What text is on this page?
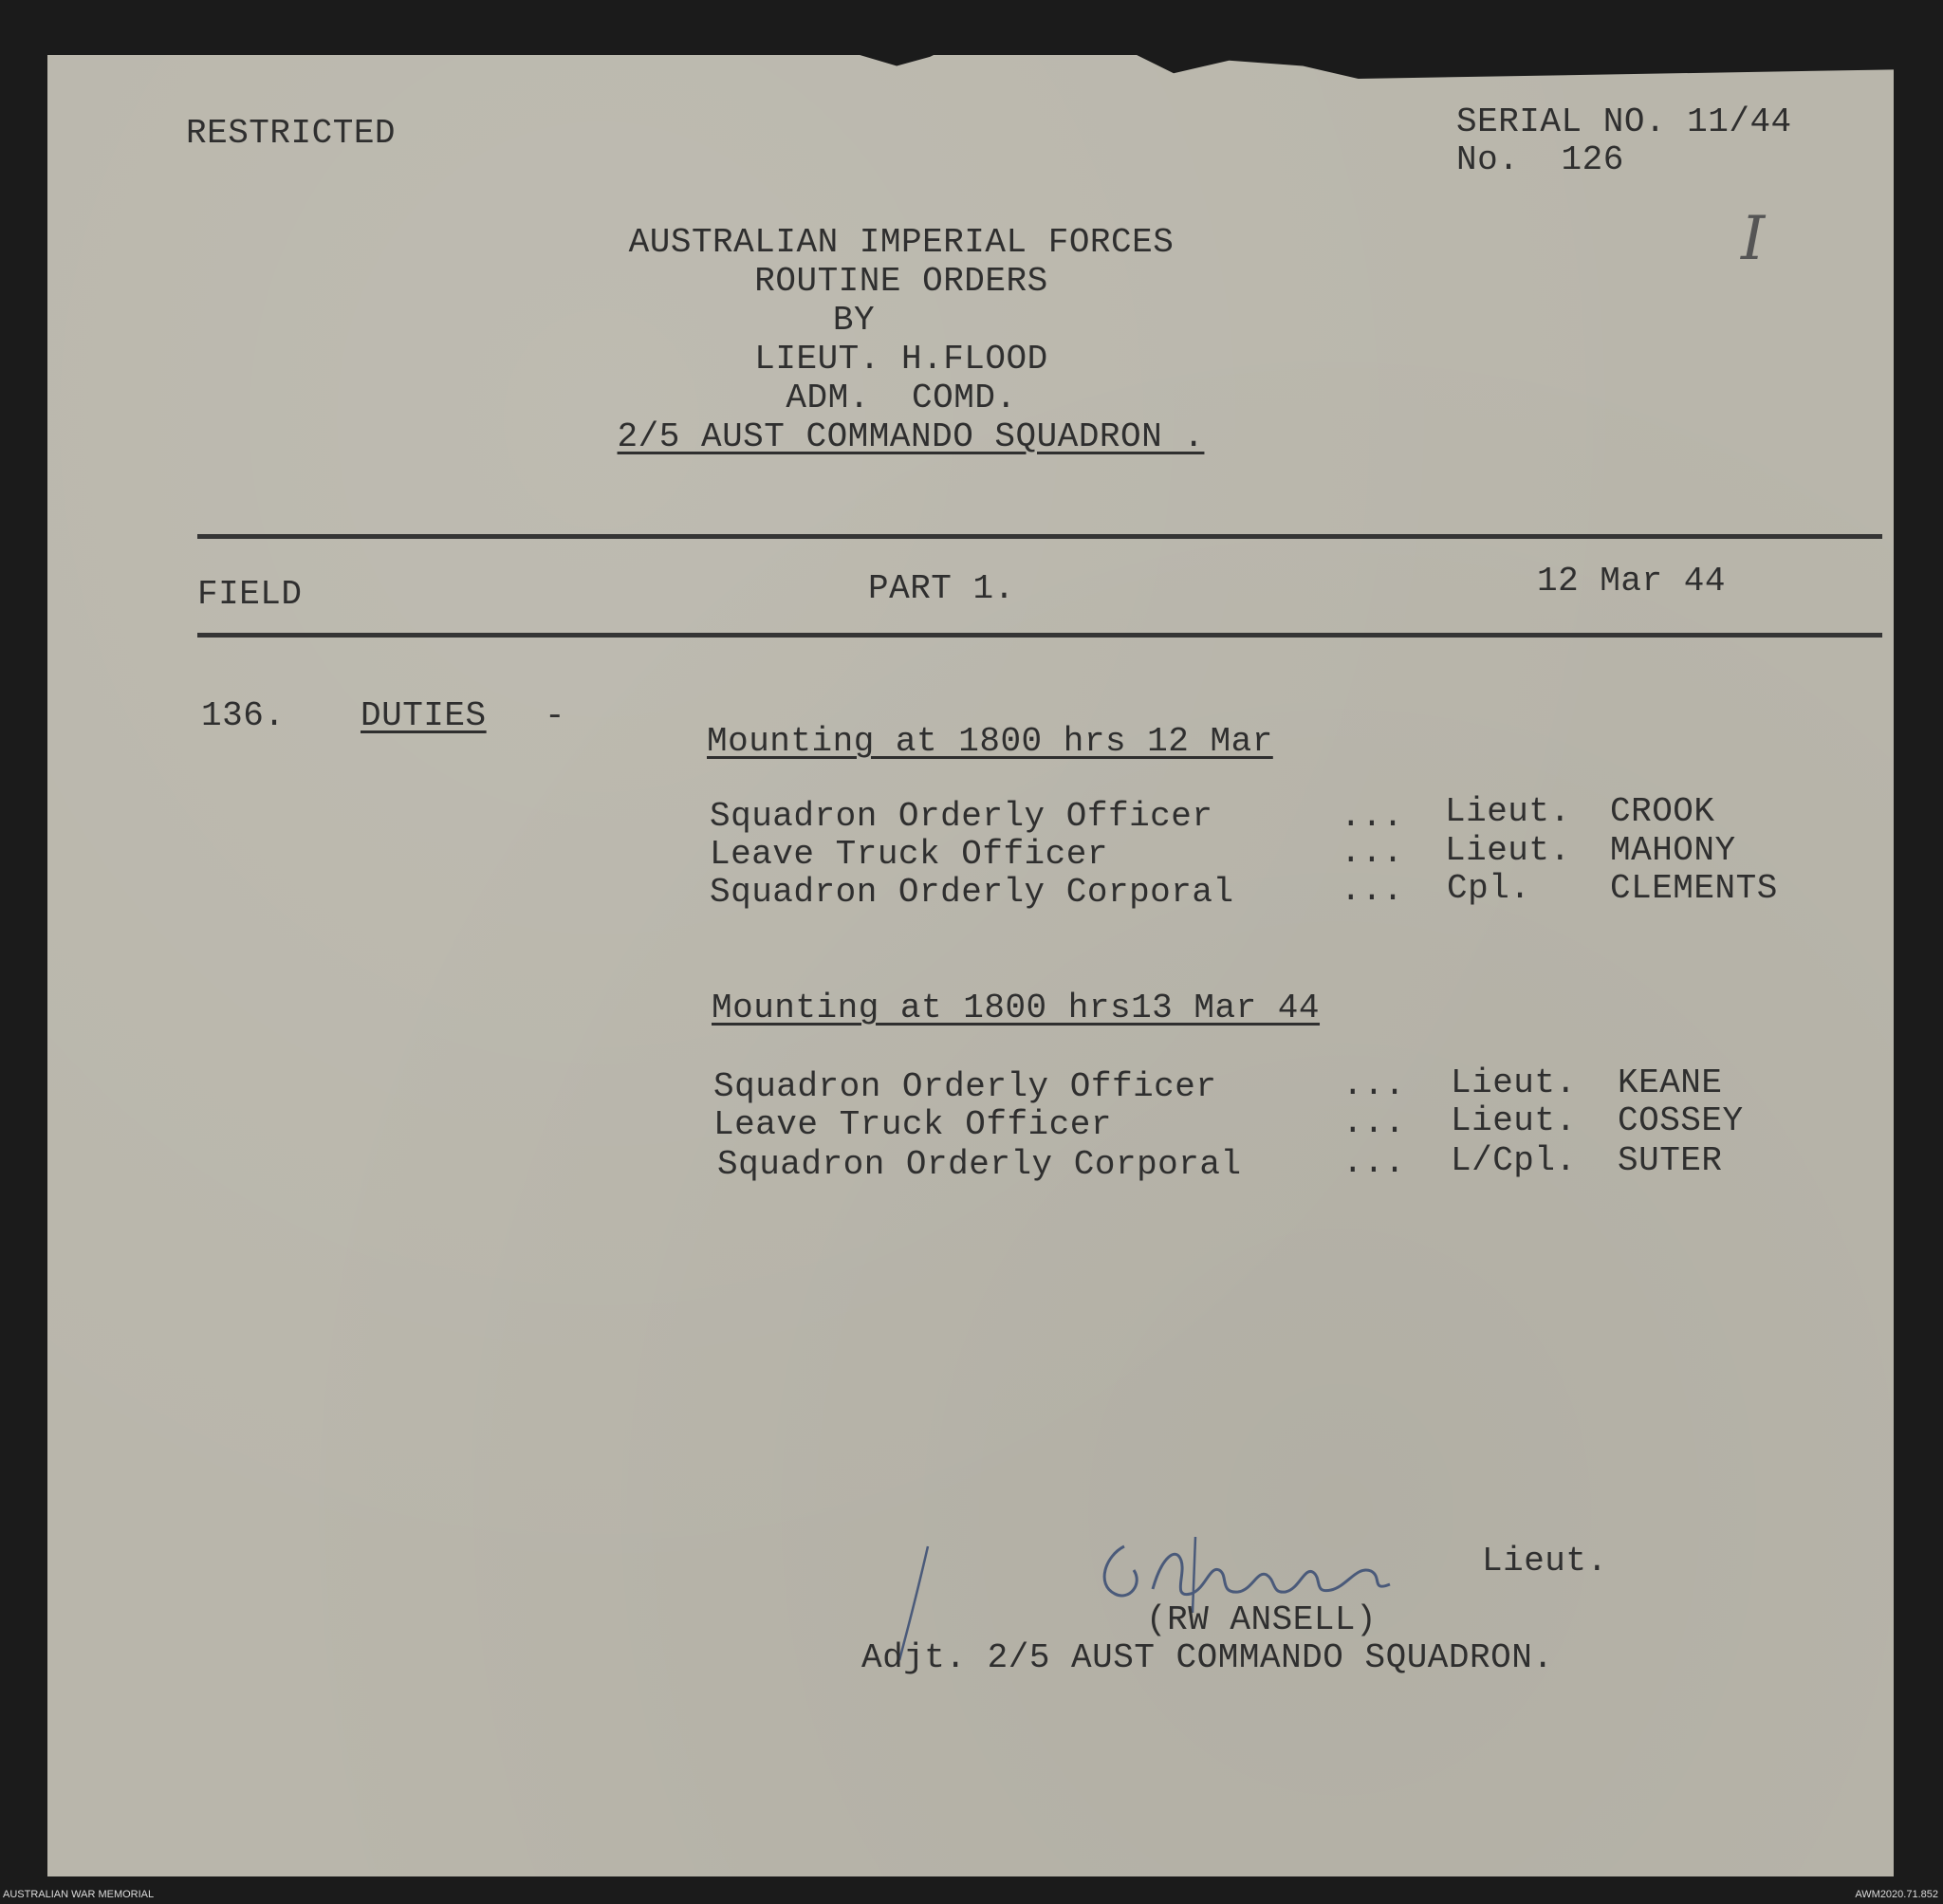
RESTRICTED	SERIAL NO. 11/44
No.  126
I
AUSTRALIAN IMPERIAL FORCES
ROUTINE ORDERS
BY
LIEUT. H.FLOOD
ADM.  COMD.
2/5 AUST COMMANDO SQUADRON .
FIELD	PART 1.	12 Mar 44
136. DUTIES -
Mounting at 1800 hrs 12 Mar
Squadron Orderly Officer	... Lieut. CROOK
Leave Truck Officer	... Lieut. MAHONY
Squadron Orderly Corporal	... Cpl. CLEMENTS
Mounting at 1800 hrs13 Mar 44
Squadron Orderly Officer	... Lieut. KEANE
Leave Truck Officer	... Lieut. COSSEY
Squadron Orderly Corporal	... L/Cpl. SUTER
Lieut.
(RW ANSELL)
Adjt. 2/5 AUST COMMANDO SQUADRON.
AUSTRALIAN WAR MEMORIAL	AWM2020.71.852
